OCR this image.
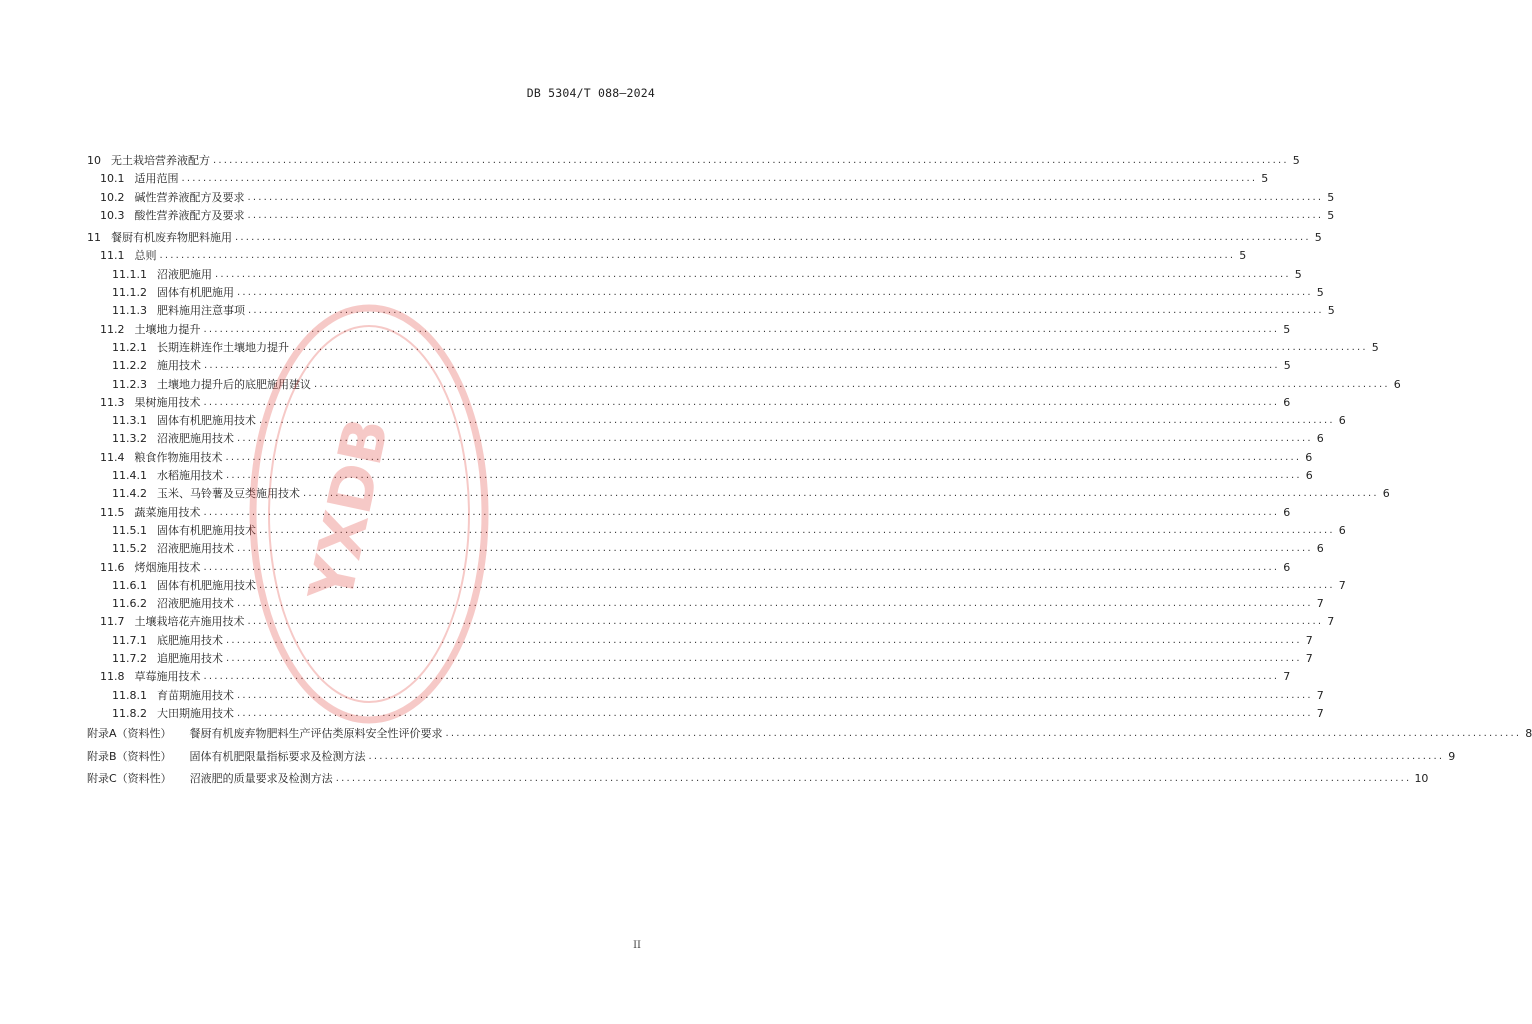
DB 5304/T 088—2024
10 无土栽培营养液配方 ........................................................................................................................................................................................................ 5
10.1 适用范围 ........................................................................................................................................................................................................ 5
10.2 碱性营养液配方及要求 ........................................................................................................................................................................................................ 5
10.3 酸性营养液配方及要求 ........................................................................................................................................................................................................ 5
11 餐厨有机废弃物肥料施用 ........................................................................................................................................................................................................ 5
11.1 总则 ........................................................................................................................................................................................................ 5
11.1.1 沼液肥施用 ........................................................................................................................................................................................................ 5
11.1.2 固体有机肥施用 ........................................................................................................................................................................................................ 5
11.1.3 肥料施用注意事项 ........................................................................................................................................................................................................ 5
11.2 土壤地力提升 ........................................................................................................................................................................................................ 5
11.2.1 长期连耕连作土壤地力提升 ........................................................................................................................................................................................................ 5
11.2.2 施用技术 ........................................................................................................................................................................................................ 5
11.2.3 土壤地力提升后的底肥施用建议 ........................................................................................................................................................................................................ 6
11.3 果树施用技术 ........................................................................................................................................................................................................ 6
11.3.1 固体有机肥施用技术 ........................................................................................................................................................................................................ 6
11.3.2 沼液肥施用技术 ........................................................................................................................................................................................................ 6
11.4 粮食作物施用技术 ........................................................................................................................................................................................................ 6
11.4.1 水稻施用技术 ........................................................................................................................................................................................................ 6
11.4.2 玉米、马铃薯及豆类施用技术 ........................................................................................................................................................................................................ 6
11.5 蔬菜施用技术 ........................................................................................................................................................................................................ 6
11.5.1 固体有机肥施用技术 ........................................................................................................................................................................................................ 6
11.5.2 沼液肥施用技术 ........................................................................................................................................................................................................ 6
11.6 烤烟施用技术 ........................................................................................................................................................................................................ 6
11.6.1 固体有机肥施用技术 ........................................................................................................................................................................................................ 7
11.6.2 沼液肥施用技术 ........................................................................................................................................................................................................ 7
11.7 土壤栽培花卉施用技术 ........................................................................................................................................................................................................ 7
11.7.1 底肥施用技术 ........................................................................................................................................................................................................ 7
11.7.2 追肥施用技术 ........................................................................................................................................................................................................ 7
11.8 草莓施用技术 ........................................................................................................................................................................................................ 7
11.8.1 育苗期施用技术 ........................................................................................................................................................................................................ 7
11.8.2 大田期施用技术 ........................................................................................................................................................................................................ 7
附录A（资料性） 餐厨有机废弃物肥料生产评估类原料安全性评价要求 ........................................................................................................................................................................................................ 8
附录B（资料性） 固体有机肥限量指标要求及检测方法 ........................................................................................................................................................................................................ 9
附录C（资料性） 沼液肥的质量要求及检测方法 ........................................................................................................................................................................................................ 10
YXDB
II
